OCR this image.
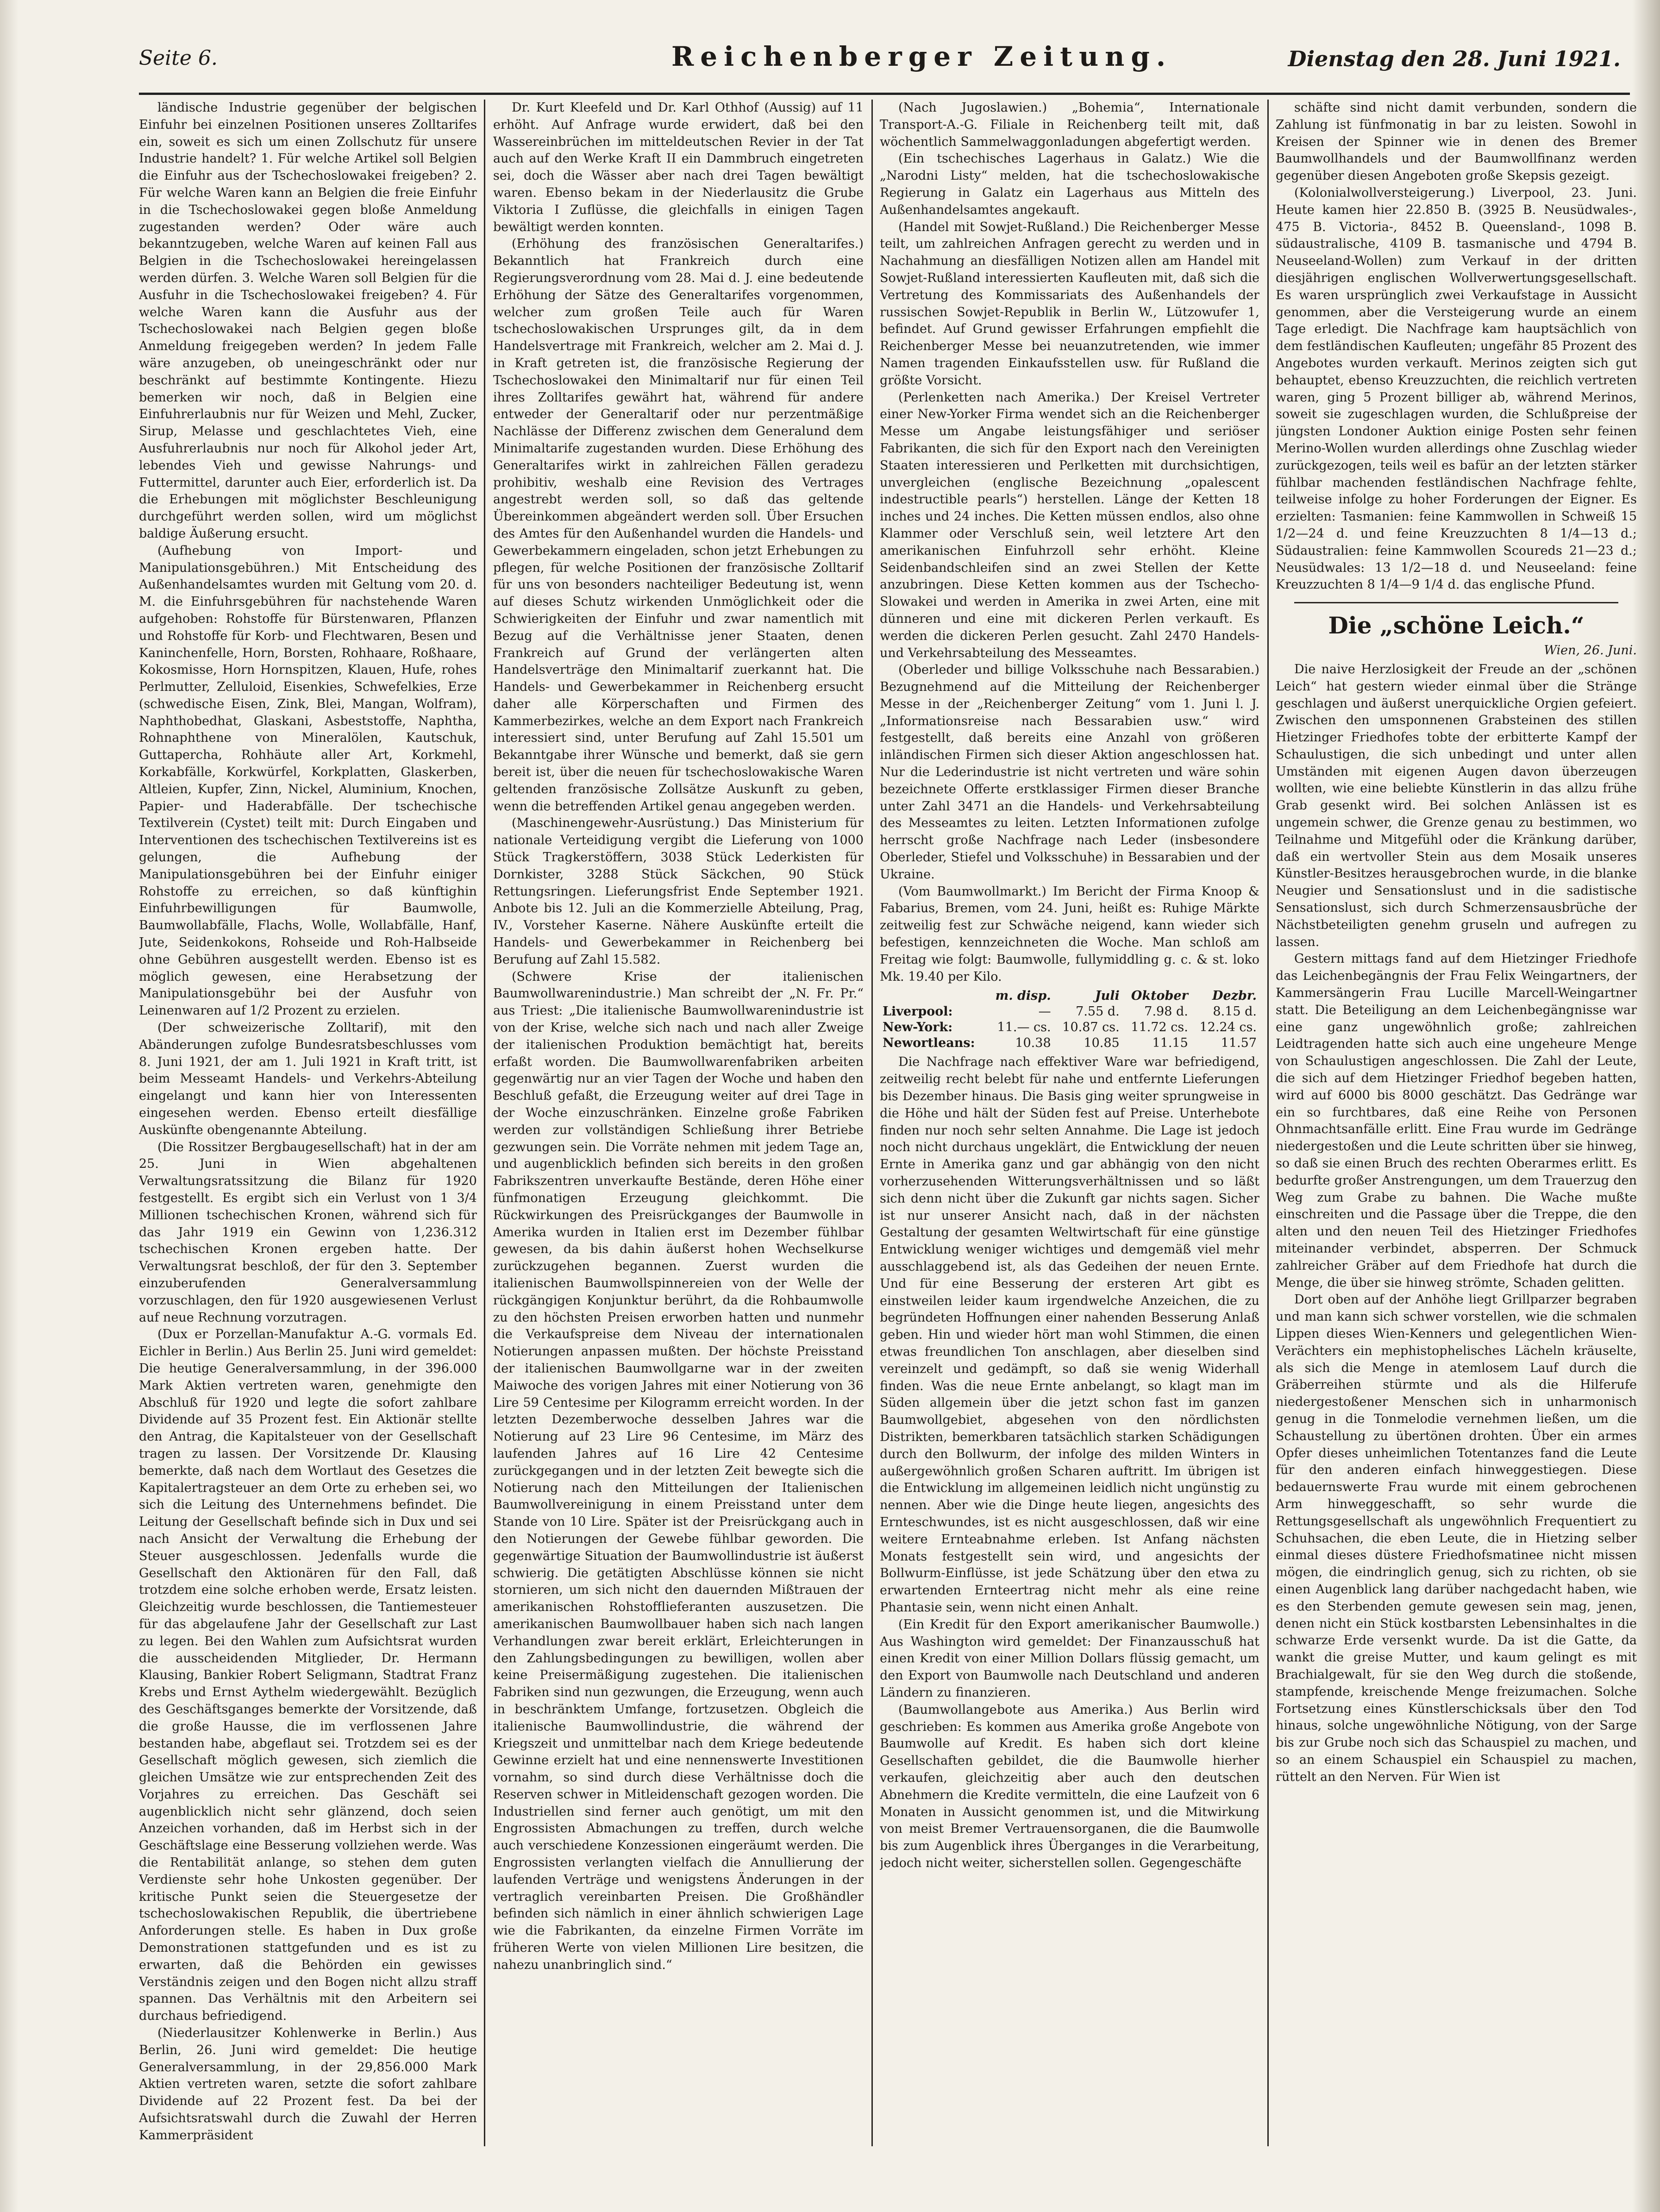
Seite 6.	Reichenberger Zeitung.	Dienstag den 28. Juni 1921.

ländische Industrie gegenüber der belgischen Einfuhr bei einzelnen Positionen unseres Zolltarifes ein, soweit es sich um einen Zollschutz für unsere Industrie handelt? 1. Für welche Artikel soll Belgien die Einfuhr aus der Tschechoslowakei freigeben? 2. Für welche Waren kann an Belgien die freie Einfuhr in die Tschechoslowakei gegen bloße Anmeldung zugestanden werden? Oder wäre auch bekanntzugeben, welche Waren auf keinen Fall aus Belgien in die Tschechoslowakei hereingelassen werden dürfen. 3. Welche Waren soll Belgien für die Ausfuhr in die Tschechoslowakei freigeben? 4. Für welche Waren kann die Ausfuhr aus der Tschechoslowakei nach Belgien gegen bloße Anmeldung freigegeben werden? In jedem Falle wäre anzugeben, ob uneingeschränkt oder nur beschränkt auf bestimmte Kontingente. Hiezu bemerken wir noch, daß in Belgien eine Einfuhrerlaubnis nur für Weizen und Mehl, Zucker, Sirup, Melasse und geschlachtetes Vieh, eine Ausfuhrerlaubnis nur noch für Alkohol jeder Art, lebendes Vieh und gewisse Nahrungs- und Futtermittel, darunter auch Eier, erforderlich ist. Da die Erhebungen mit möglichster Beschleunigung durchgeführt werden sollen, wird um möglichst baldige Äußerung ersucht.

(Aufhebung von Import- und Manipulationsgebühren.) Mit Entscheidung des Außenhandelsamtes wurden mit Geltung vom 20. d. M. die Einfuhrsgebühren für nachstehende Waren aufgehoben: Rohstoffe für Bürstenwaren, Pflanzen und Rohstoffe für Korb- und Flechtwaren, Besen und Kaninchenfelle, Horn, Borsten, Rohhaare, Roßhaare, Kokosmisse, Horn Hornspitzen, Klauen, Hufe, rohes Perlmutter, Zelluloid, Eisenkies, Schwefelkies, Erze (schwedische Eisen, Zink, Blei, Mangan, Wolfram), Naphthobedhat, Glaskani, Asbeststoffe, Naphtha, Rohnaphthene von Mineralölen, Kautschuk, Guttapercha, Rohhäute aller Art, Korkmehl, Korkabfälle, Korkwürfel, Korkplatten, Glaskerben, Altleien, Kupfer, Zinn, Nickel, Aluminium, Knochen, Papier- und Haderabfälle. Der tschechische Textilverein (Cystet) teilt mit: Durch Eingaben und Interventionen des tschechischen Textilvereins ist es gelungen, die Aufhebung der Manipulationsgebühren bei der Einfuhr einiger Rohstoffe zu erreichen, so daß künftighin Einfuhrbewilligungen für Baumwolle, Baumwollabfälle, Flachs, Wolle, Wollabfälle, Hanf, Jute, Seidenkokons, Rohseide und Roh-Halbseide ohne Gebühren ausgestellt werden. Ebenso ist es möglich gewesen, eine Herabsetzung der Manipulationsgebühr bei der Ausfuhr von Leinenwaren auf 1/2 Prozent zu erzielen.

(Der schweizerische Zolltarif), mit den Abänderungen zufolge Bundesratsbeschlusses vom 8. Juni 1921, der am 1. Juli 1921 in Kraft tritt, ist beim Messeamt Handels- und Verkehrs-Abteilung eingelangt und kann hier von Interessenten eingesehen werden. Ebenso erteilt diesfällige Auskünfte obengenannte Abteilung.

(Die Rossitzer Bergbaugesellschaft) hat in der am 25. Juni in Wien abgehaltenen Verwaltungsratssitzung die Bilanz für 1920 festgestellt. Es ergibt sich ein Verlust von 1 3/4 Millionen tschechischen Kronen, während sich für das Jahr 1919 ein Gewinn von 1,236.312 tschechischen Kronen ergeben hatte. Der Verwaltungsrat beschloß, der für den 3. September einzuberufenden Generalversammlung vorzuschlagen, den für 1920 ausgewiesenen Verlust auf neue Rechnung vorzutragen.

(Dux er Porzellan-Manufaktur A.-G. vormals Ed. Eichler in Berlin.) Aus Berlin 25. Juni wird gemeldet: Die heutige Generalversammlung, in der 396.000 Mark Aktien vertreten waren, genehmigte den Abschluß für 1920 und legte die sofort zahlbare Dividende auf 35 Prozent fest. Ein Aktionär stellte den Antrag, die Kapitalsteuer von der Gesellschaft tragen zu lassen. Der Vorsitzende Dr. Klausing bemerkte, daß nach dem Wortlaut des Gesetzes die Kapitalertragsteuer an dem Orte zu erheben sei, wo sich die Leitung des Unternehmens befindet. Die Leitung der Gesellschaft befinde sich in Dux und sei nach Ansicht der Verwaltung die Erhebung der Steuer ausgeschlossen. Jedenfalls wurde die Gesellschaft den Aktionären für den Fall, daß trotzdem eine solche erhoben werde, Ersatz leisten. Gleichzeitig wurde beschlossen, die Tantiemesteuer für das abgelaufene Jahr der Gesellschaft zur Last zu legen. Bei den Wahlen zum Aufsichtsrat wurden die ausscheidenden Mitglieder, Dr. Hermann Klausing, Bankier Robert Seligmann, Stadtrat Franz Krebs und Ernst Aythelm wiedergewählt. Bezüglich des Geschäftsganges bemerkte der Vorsitzende, daß die große Hausse, die im verflossenen Jahre bestanden habe, abgeflaut sei. Trotzdem sei es der Gesellschaft möglich gewesen, sich ziemlich die gleichen Umsätze wie zur entsprechenden Zeit des Vorjahres zu erreichen. Das Geschäft sei augenblicklich nicht sehr glänzend, doch seien Anzeichen vorhanden, daß im Herbst sich in der Geschäftslage eine Besserung vollziehen werde. Was die Rentabilität anlange, so stehen dem guten Verdienste sehr hohe Unkosten gegenüber. Der kritische Punkt seien die Steuergesetze der tschechoslowakischen Republik, die übertriebene Anforderungen stelle. Es haben in Dux große Demonstrationen stattgefunden und es ist zu erwarten, daß die Behörden ein gewisses Verständnis zeigen und den Bogen nicht allzu straff spannen. Das Verhältnis mit den Arbeitern sei durchaus befriedigend.

(Niederlausitzer Kohlenwerke in Berlin.) Aus Berlin, 26. Juni wird gemeldet: Die heutige Generalversammlung, in der 29,856.000 Mark Aktien vertreten waren, setzte die sofort zahlbare Dividende auf 22 Prozent fest. Da bei der Aufsichtsratswahl durch die Zuwahl der Herren Kammerpräsident

Dr. Kurt Kleefeld und Dr. Karl Othhof (Aussig) auf 11 erhöht. Auf Anfrage wurde erwidert, daß bei den Wassereinbrüchen im mitteldeutschen Revier in der Tat auch auf den Werke Kraft II ein Dammbruch eingetreten sei, doch die Wässer aber nach drei Tagen bewältigt waren. Ebenso bekam in der Niederlausitz die Grube Viktoria I Zuflüsse, die gleichfalls in einigen Tagen bewältigt werden konnten.

(Erhöhung des französischen Generaltarifes.) Bekanntlich hat Frankreich durch eine Regierungsverordnung vom 28. Mai d. J. eine bedeutende Erhöhung der Sätze des Generaltarifes vorgenommen, welcher zum großen Teile auch für Waren tschechoslowakischen Ursprunges gilt, da in dem Handelsvertrage mit Frankreich, welcher am 2. Mai d. J. in Kraft getreten ist, die französische Regierung der Tschechoslowakei den Minimaltarif nur für einen Teil ihres Zolltarifes gewährt hat, während für andere entweder der Generaltarif oder nur perzentmäßige Nachlässe der Differenz zwischen dem Generalund dem Minimaltarife zugestanden wurden. Diese Erhöhung des Generaltarifes wirkt in zahlreichen Fällen geradezu prohibitiv, weshalb eine Revision des Vertrages angestrebt werden soll, so daß das geltende Übereinkommen abgeändert werden soll. Über Ersuchen des Amtes für den Außenhandel wurden die Handels- und Gewerbekammern eingeladen, schon jetzt Erhebungen zu pflegen, für welche Positionen der französische Zolltarif für uns von besonders nachteiliger Bedeutung ist, wenn auf dieses Schutz wirkenden Unmöglichkeit oder die Schwierigkeiten der Einfuhr und zwar namentlich mit Bezug auf die Verhältnisse jener Staaten, denen Frankreich auf Grund der verlängerten alten Handelsverträge den Minimaltarif zuerkannt hat. Die Handels- und Gewerbekammer in Reichenberg ersucht daher alle Körperschaften und Firmen des Kammerbezirkes, welche an dem Export nach Frankreich interessiert sind, unter Berufung auf Zahl 15.501 um Bekanntgabe ihrer Wünsche und bemerkt, daß sie gern bereit ist, über die neuen für tschechoslowakische Waren geltenden französische Zollsätze Auskunft zu geben, wenn die betreffenden Artikel genau angegeben werden.

(Maschinengewehr-Ausrüstung.) Das Ministerium für nationale Verteidigung vergibt die Lieferung von 1000 Stück Tragkerstöffern, 3038 Stück Lederkisten für Dornkister, 3288 Stück Säckchen, 90 Stück Rettungsringen. Lieferungsfrist Ende September 1921. Anbote bis 12. Juli an die Kommerzielle Abteilung, Prag, IV., Vorsteher Kaserne. Nähere Auskünfte erteilt die Handels- und Gewerbekammer in Reichenberg bei Berufung auf Zahl 15.582.

(Schwere Krise der italienischen Baumwollwarenindustrie.) Man schreibt der „N. Fr. Pr.“ aus Triest: „Die italienische Baumwollwarenindustrie ist von der Krise, welche sich nach und nach aller Zweige der italienischen Produktion bemächtigt hat, bereits erfaßt worden. Die Baumwollwarenfabriken arbeiten gegenwärtig nur an vier Tagen der Woche und haben den Beschluß gefaßt, die Erzeugung weiter auf drei Tage in der Woche einzuschränken. Einzelne große Fabriken werden zur vollständigen Schließung ihrer Betriebe gezwungen sein. Die Vorräte nehmen mit jedem Tage an, und augenblicklich befinden sich bereits in den großen Fabrikszentren unverkaufte Bestände, deren Höhe einer fünfmonatigen Erzeugung gleichkommt. Die Rückwirkungen des Preisrückganges der Baumwolle in Amerika wurden in Italien erst im Dezember fühlbar gewesen, da bis dahin äußerst hohen Wechselkurse zurückzugehen begannen. Zuerst wurden die italienischen Baumwollspinnereien von der Welle der rückgängigen Konjunktur berührt, da die Rohbaumwolle zu den höchsten Preisen erworben hatten und nunmehr die Verkaufspreise dem Niveau der internationalen Notierungen anpassen mußten. Der höchste Preisstand der italienischen Baumwollgarne war in der zweiten Maiwoche des vorigen Jahres mit einer Notierung von 36 Lire 59 Centesime per Kilogramm erreicht worden. In der letzten Dezemberwoche desselben Jahres war die Notierung auf 23 Lire 96 Centesime, im März des laufenden Jahres auf 16 Lire 42 Centesime zurückgegangen und in der letzten Zeit bewegte sich die Notierung nach den Mitteilungen der Italienischen Baumwollvereinigung in einem Preisstand unter dem Stande von 10 Lire. Später ist der Preisrückgang auch in den Notierungen der Gewebe fühlbar geworden. Die gegenwärtige Situation der Baumwollindustrie ist äußerst schwierig. Die getätigten Abschlüsse können sie nicht stornieren, um sich nicht den dauernden Mißtrauen der amerikanischen Rohstofflieferanten auszusetzen. Die amerikanischen Baumwollbauer haben sich nach langen Verhandlungen zwar bereit erklärt, Erleichterungen in den Zahlungsbedingungen zu bewilligen, wollen aber keine Preisermäßigung zugestehen. Die italienischen Fabriken sind nun gezwungen, die Erzeugung, wenn auch in beschränktem Umfange, fortzusetzen. Obgleich die italienische Baumwollindustrie, die während der Kriegszeit und unmittelbar nach dem Kriege bedeutende Gewinne erzielt hat und eine nennenswerte Investitionen vornahm, so sind durch diese Verhältnisse doch die Reserven schwer in Mitleidenschaft gezogen worden. Die Industriellen sind ferner auch genötigt, um mit den Engrossisten Abmachungen zu treffen, durch welche auch verschiedene Konzessionen eingeräumt werden. Die Engrossisten verlangten vielfach die Annullierung der laufenden Verträge und wenigstens Änderungen in der vertraglich vereinbarten Preisen. Die Großhändler befinden sich nämlich in einer ähnlich schwierigen Lage wie die Fabrikanten, da einzelne Firmen Vorräte im früheren Werte von vielen Millionen Lire besitzen, die nahezu unanbringlich sind.“

(Nach Jugoslawien.) „Bohemia“, Internationale Transport-A.-G. Filiale in Reichenberg teilt mit, daß wöchentlich Sammelwaggonladungen abgefertigt werden.

(Ein tschechisches Lagerhaus in Galatz.) Wie die „Narodni Listy“ melden, hat die tschechoslowakische Regierung in Galatz ein Lagerhaus aus Mitteln des Außenhandelsamtes angekauft.

(Handel mit Sowjet-Rußland.) Die Reichenberger Messe teilt, um zahlreichen Anfragen gerecht zu werden und in Nachahmung an diesfälligen Notizen allen am Handel mit Sowjet-Rußland interessierten Kaufleuten mit, daß sich die Vertretung des Kommissariats des Außenhandels der russischen Sowjet-Republik in Berlin W., Lützowufer 1, befindet. Auf Grund gewisser Erfahrungen empfiehlt die Reichenberger Messe bei neuanzutretenden, wie immer Namen tragenden Einkaufsstellen usw. für Rußland die größte Vorsicht.

(Perlenketten nach Amerika.) Der Kreisel Vertreter einer New-Yorker Firma wendet sich an die Reichenberger Messe um Angabe leistungsfähiger und seriöser Fabrikanten, die sich für den Export nach den Vereinigten Staaten interessieren und Perlketten mit durchsichtigen, unvergleichen (englische Bezeichnung „opalescent indestructible pearls“) herstellen. Länge der Ketten 18 inches und 24 inches. Die Ketten müssen endlos, also ohne Klammer oder Verschluß sein, weil letztere Art den amerikanischen Einfuhrzoll sehr erhöht. Kleine Seidenbandschleifen sind an zwei Stellen der Kette anzubringen. Diese Ketten kommen aus der Tschecho-Slowakei und werden in Amerika in zwei Arten, eine mit dünneren und eine mit dickeren Perlen verkauft. Es werden die dickeren Perlen gesucht. Zahl 2470 Handels- und Verkehrsabteilung des Messeamtes.

(Oberleder und billige Volksschuhe nach Bessarabien.) Bezugnehmend auf die Mitteilung der Reichenberger Messe in der „Reichenberger Zeitung“ vom 1. Juni l. J. „Informationsreise nach Bessarabien usw.“ wird festgestellt, daß bereits eine Anzahl von größeren inländischen Firmen sich dieser Aktion angeschlossen hat. Nur die Lederindustrie ist nicht vertreten und wäre sohin bezeichnete Offerte erstklassiger Firmen dieser Branche unter Zahl 3471 an die Handels- und Verkehrsabteilung des Messeamtes zu leiten. Letzten Informationen zufolge herrscht große Nachfrage nach Leder (insbesondere Oberleder, Stiefel und Volksschuhe) in Bessarabien und der Ukraine.

(Vom Baumwollmarkt.) Im Bericht der Firma Knoop & Fabarius, Bremen, vom 24. Juni, heißt es: Ruhige Märkte zeitweilig fest zur Schwäche neigend, kann wieder sich befestigen, kennzeichneten die Woche. Man schloß am Freitag wie folgt: Baumwolle, fullymiddling g. c. & st. loko Mk. 19.40 per Kilo.

	m. disp.	Juli	Oktober	Dezbr.
Liverpool:	—	7.55 d.	7.98 d.	8.15 d.
New-York:	11.— cs.	10.87 cs.	11.72 cs.	12.24 cs.
Newortleans:	10.38	10.85	11.15	11.57

Die Nachfrage nach effektiver Ware war befriedigend, zeitweilig recht belebt für nahe und entfernte Lieferungen bis Dezember hinaus. Die Basis ging weiter sprungweise in die Höhe und hält der Süden fest auf Preise. Unterhebote finden nur noch sehr selten Annahme. Die Lage ist jedoch noch nicht durchaus ungeklärt, die Entwicklung der neuen Ernte in Amerika ganz und gar abhängig von den nicht vorherzusehenden Witterungsverhältnissen und so läßt sich denn nicht über die Zukunft gar nichts sagen. Sicher ist nur unserer Ansicht nach, daß in der nächsten Gestaltung der gesamten Weltwirtschaft für eine günstige Entwicklung weniger wichtiges und demgemäß viel mehr ausschlaggebend ist, als das Gedeihen der neuen Ernte. Und für eine Besserung der ersteren Art gibt es einstweilen leider kaum irgendwelche Anzeichen, die zu begründeten Hoffnungen einer nahenden Besserung Anlaß geben. Hin und wieder hört man wohl Stimmen, die einen etwas freundlichen Ton anschlagen, aber dieselben sind vereinzelt und gedämpft, so daß sie wenig Widerhall finden. Was die neue Ernte anbelangt, so klagt man im Süden allgemein über die jetzt schon fast im ganzen Baumwollgebiet, abgesehen von den nördlichsten Distrikten, bemerkbaren tatsächlich starken Schädigungen durch den Bollwurm, der infolge des milden Winters in außergewöhnlich großen Scharen auftritt. Im übrigen ist die Entwicklung im allgemeinen leidlich nicht ungünstig zu nennen. Aber wie die Dinge heute liegen, angesichts des Ernteschwundes, ist es nicht ausgeschlossen, daß wir eine weitere Ernteabnahme erleben. Ist Anfang nächsten Monats festgestellt sein wird, und angesichts der Bollwurm-Einflüsse, ist jede Schätzung über den etwa zu erwartenden Ernteertrag nicht mehr als eine reine Phantasie sein, wenn nicht einen Anhalt.

(Ein Kredit für den Export amerikanischer Baumwolle.) Aus Washington wird gemeldet: Der Finanzausschuß hat einen Kredit von einer Million Dollars flüssig gemacht, um den Export von Baumwolle nach Deutschland und anderen Ländern zu finanzieren.

(Baumwollangebote aus Amerika.) Aus Berlin wird geschrieben: Es kommen aus Amerika große Angebote von Baumwolle auf Kredit. Es haben sich dort kleine Gesellschaften gebildet, die die Baumwolle hierher verkaufen, gleichzeitig aber auch den deutschen Abnehmern die Kredite vermitteln, die eine Laufzeit von 6 Monaten in Aussicht genommen ist, und die Mitwirkung von meist Bremer Vertrauensorganen, die die Baumwolle bis zum Augenblick ihres Überganges in die Verarbeitung, jedoch nicht weiter, sicherstellen sollen. Gegengeschäfte

schäfte sind nicht damit verbunden, sondern die Zahlung ist fünfmonatig in bar zu leisten. Sowohl in Kreisen der Spinner wie in denen des Bremer Baumwollhandels und der Baumwollfinanz werden gegenüber diesen Angeboten große Skepsis gezeigt.

(Kolonialwollversteigerung.) Liverpool, 23. Juni. Heute kamen hier 22.850 B. (3925 B. Neusüdwales-, 475 B. Victoria-, 8452 B. Queensland-, 1098 B. südaustralische, 4109 B. tasmanische und 4794 B. Neuseeland-Wollen) zum Verkauf in der dritten diesjährigen englischen Wollverwertungsgesellschaft. Es waren ursprünglich zwei Verkaufstage in Aussicht genommen, aber die Versteigerung wurde an einem Tage erledigt. Die Nachfrage kam hauptsächlich von dem festländischen Kaufleuten; ungefähr 85 Prozent des Angebotes wurden verkauft. Merinos zeigten sich gut behauptet, ebenso Kreuzzuchten, die reichlich vertreten waren, ging 5 Prozent billiger ab, während Merinos, soweit sie zugeschlagen wurden, die Schlußpreise der jüngsten Londoner Auktion einige Posten sehr feinen Merino-Wollen wurden allerdings ohne Zuschlag wieder zurückgezogen, teils weil es bafür an der letzten stärker fühlbar machenden festländischen Nachfrage fehlte, teilweise infolge zu hoher Forderungen der Eigner. Es erzielten: Tasmanien: feine Kammwollen in Schweiß 15 1/2—24 d. und feine Kreuzzuchten 8 1/4—13 d.; Südaustralien: feine Kammwollen Scoureds 21—23 d.; Neusüdwales: 13 1/2—18 d. und Neuseeland: feine Kreuzzuchten 8 1/4—9 1/4 d. das englische Pfund.

Die „schöne Leich.“
Wien, 26. Juni.

Die naive Herzlosigkeit der Freude an der „schönen Leich“ hat gestern wieder einmal über die Stränge geschlagen und äußerst unerquickliche Orgien gefeiert. Zwischen den umsponnenen Grabsteinen des stillen Hietzinger Friedhofes tobte der erbitterte Kampf der Schaulustigen, die sich unbedingt und unter allen Umständen mit eigenen Augen davon überzeugen wollten, wie eine beliebte Künstlerin in das allzu frühe Grab gesenkt wird. Bei solchen Anlässen ist es ungemein schwer, die Grenze genau zu bestimmen, wo Teilnahme und Mitgefühl oder die Kränkung darüber, daß ein wertvoller Stein aus dem Mosaik unseres Künstler-Besitzes herausgebrochen wurde, in die blanke Neugier und Sensationslust und in die sadistische Sensationslust, sich durch Schmerzensausbrüche der Nächstbeteiligten genehm gruseln und aufregen zu lassen.

Gestern mittags fand auf dem Hietzinger Friedhofe das Leichenbegängnis der Frau Felix Weingartners, der Kammersängerin Frau Lucille Marcell-Weingartner statt. Die Beteiligung an dem Leichenbegängnisse war eine ganz ungewöhnlich große; zahlreichen Leidtragenden hatte sich auch eine ungeheure Menge von Schaulustigen angeschlossen. Die Zahl der Leute, die sich auf dem Hietzinger Friedhof begeben hatten, wird auf 6000 bis 8000 geschätzt. Das Gedränge war ein so furchtbares, daß eine Reihe von Personen Ohnmachtsanfälle erlitt. Eine Frau wurde im Gedränge niedergestoßen und die Leute schritten über sie hinweg, so daß sie einen Bruch des rechten Oberarmes erlitt. Es bedurfte großer Anstrengungen, um dem Trauerzug den Weg zum Grabe zu bahnen. Die Wache mußte einschreiten und die Passage über die Treppe, die den alten und den neuen Teil des Hietzinger Friedhofes miteinander verbindet, absperren. Der Schmuck zahlreicher Gräber auf dem Friedhofe hat durch die Menge, die über sie hinweg strömte, Schaden gelitten.

Dort oben auf der Anhöhe liegt Grillparzer begraben und man kann sich schwer vorstellen, wie die schmalen Lippen dieses Wien-Kenners und gelegentlichen Wien-Verächters ein mephistophelisches Lächeln kräuselte, als sich die Menge in atemlosem Lauf durch die Gräberreihen stürmte und als die Hilferufe niedergestoßener Menschen sich in unharmonisch genug in die Tonmelodie vernehmen ließen, um die Schaustellung zu übertönen drohten. Über ein armes Opfer dieses unheimlichen Totentanzes fand die Leute für den anderen einfach hinweggestiegen. Diese bedauernswerte Frau wurde mit einem gebrochenen Arm hinweggeschafft, so sehr wurde die Rettungsgesellschaft als ungewöhnlich Frequentiert zu Schuhsachen, die eben Leute, die in Hietzing selber einmal dieses düstere Friedhofsmatinee nicht missen mögen, die eindringlich genug, sich zu richten, ob sie einen Augenblick lang darüber nachgedacht haben, wie es den Sterbenden gemute gewesen sein mag, jenen, denen nicht ein Stück kostbarsten Lebensinhaltes in die schwarze Erde versenkt wurde. Da ist die Gatte, da wankt die greise Mutter, und kaum gelingt es mit Brachialgewalt, für sie den Weg durch die stoßende, stampfende, kreischende Menge freizumachen. Solche Fortsetzung eines Künstlerschicksals über den Tod hinaus, solche ungewöhnliche Nötigung, von der Sarge bis zur Grube noch sich das Schauspiel zu machen, und so an einem Schauspiel ein Schauspiel zu machen, rüttelt an den Nerven. Für Wien ist
